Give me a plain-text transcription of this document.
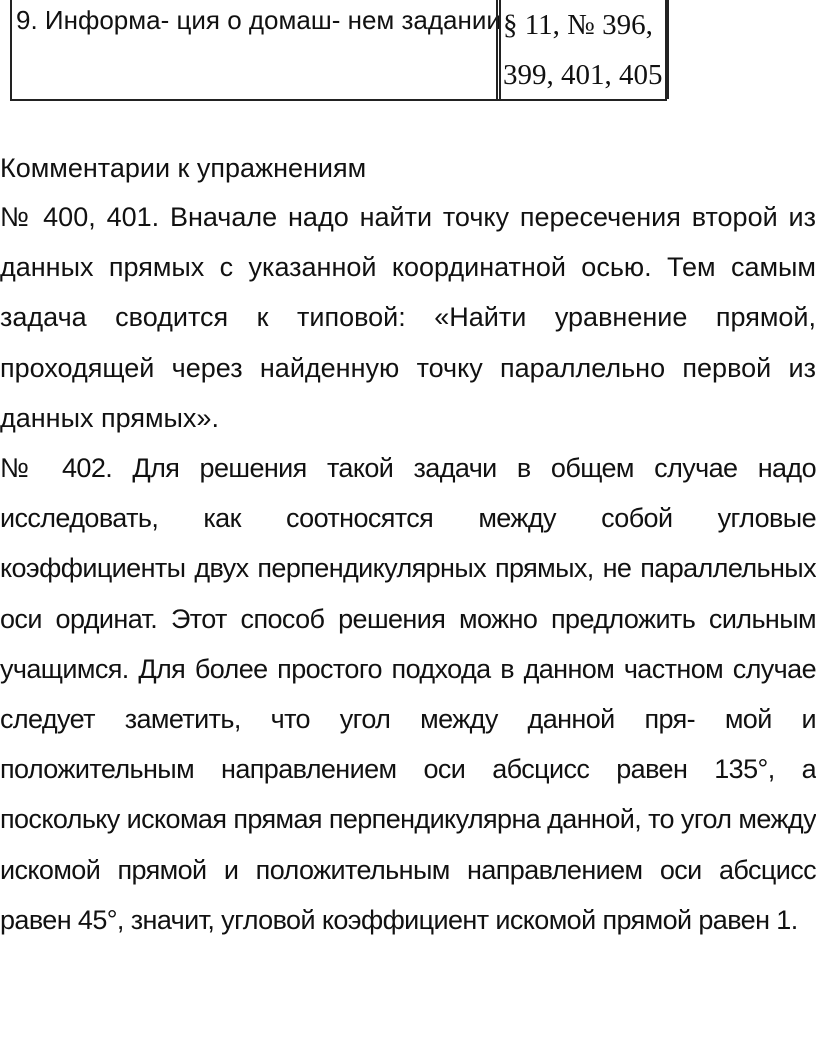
9. Информа- ция о домаш- нем задании § 11, № 396,
399, 401, 405
Комментарии к упражнениям

№ 400, 401. Вначале надо найти точку пересечения второй из данных прямых с указанной координатной осью. Тем самым задача сводится к типовой: «Найти уравнение прямой, проходящей через найденную точку параллельно первой из данных прямых».

№ 402. Для решения такой задачи в общем случае надо исследовать, как соотносятся между собой угловые коэффициенты двух перпендикулярных прямых, не параллельных оси ординат. Этот способ решения можно предложить сильным учащимся. Для более простого подхода в данном частном случае следует заметить, что угол между данной пря- мой и положительным направлением оси абсцисс равен 135°, а поскольку искомая прямая перпендикулярна данной, то угол между искомой прямой и положительным направлением оси абсцисс равен 45°, значит, угловой коэффициент искомой прямой равен 1.
